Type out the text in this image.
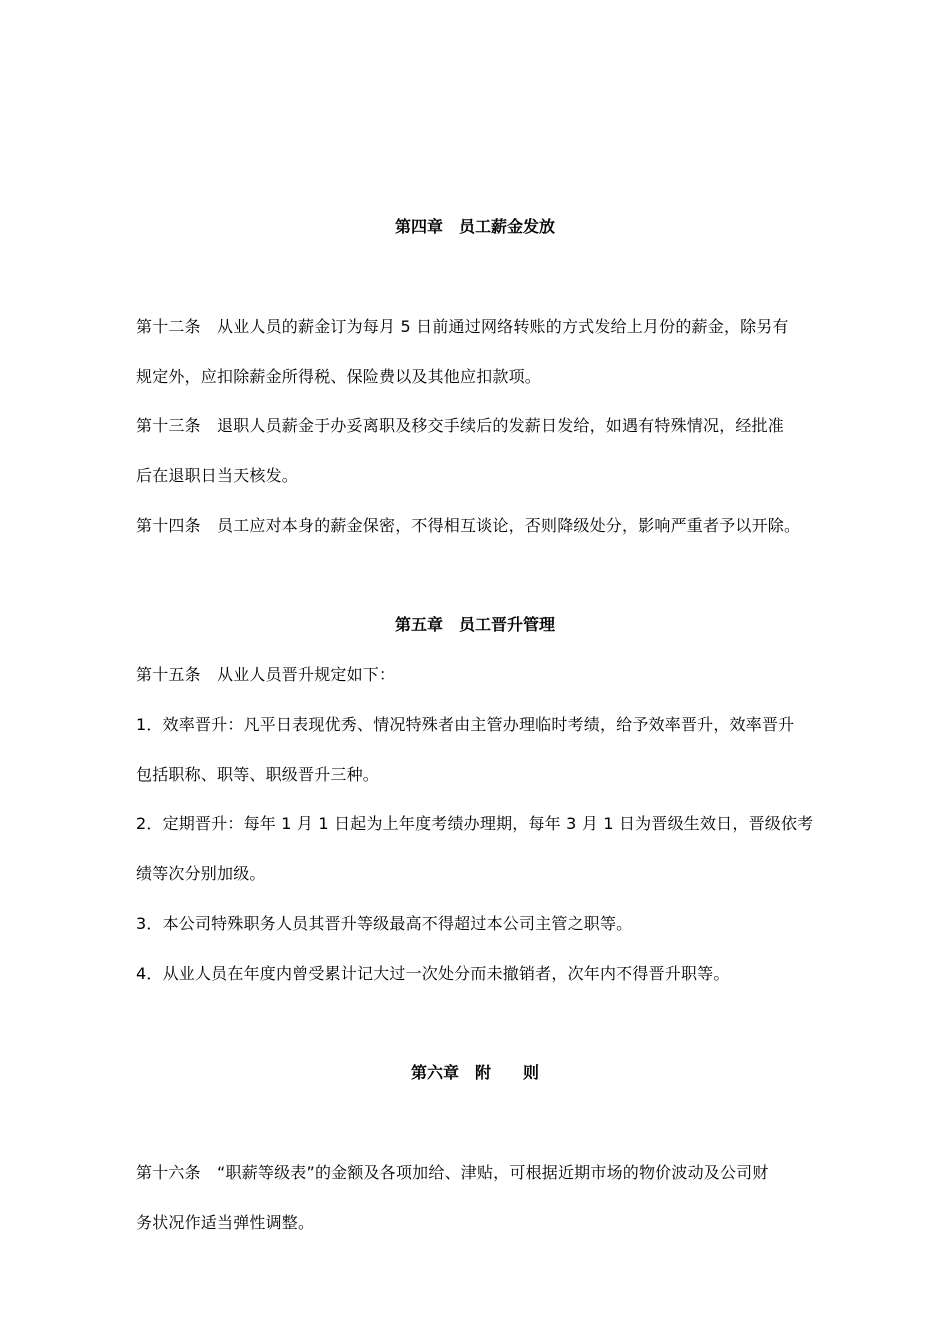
第四章　员工薪金发放
第十二条　从业人员的薪金订为每月 5 日前通过网络转账的方式发给上月份的薪金，除另有
规定外，应扣除薪金所得税、保险费以及其他应扣款项。
第十三条　退职人员薪金于办妥离职及移交手续后的发薪日发给，如遇有特殊情况，经批准
后在退职日当天核发。
第十四条　员工应对本身的薪金保密，不得相互谈论，否则降级处分，影响严重者予以开除。
第五章　员工晋升管理
第十五条　从业人员晋升规定如下：
1．效率晋升：凡平日表现优秀、情况特殊者由主管办理临时考绩，给予效率晋升，效率晋升
包括职称、职等、职级晋升三种。
2．定期晋升：每年 1 月 1 日起为上年度考绩办理期，每年 3 月 1 日为晋级生效日，晋级依考
绩等次分别加级。
3．本公司特殊职务人员其晋升等级最高不得超过本公司主管之职等。
4．从业人员在年度内曾受累计记大过一次处分而未撤销者，次年内不得晋升职等。
第六章　附　　则
第十六条　“职薪等级表”的金额及各项加给、津贴，可根据近期市场的物价波动及公司财
务状况作适当弹性调整。
